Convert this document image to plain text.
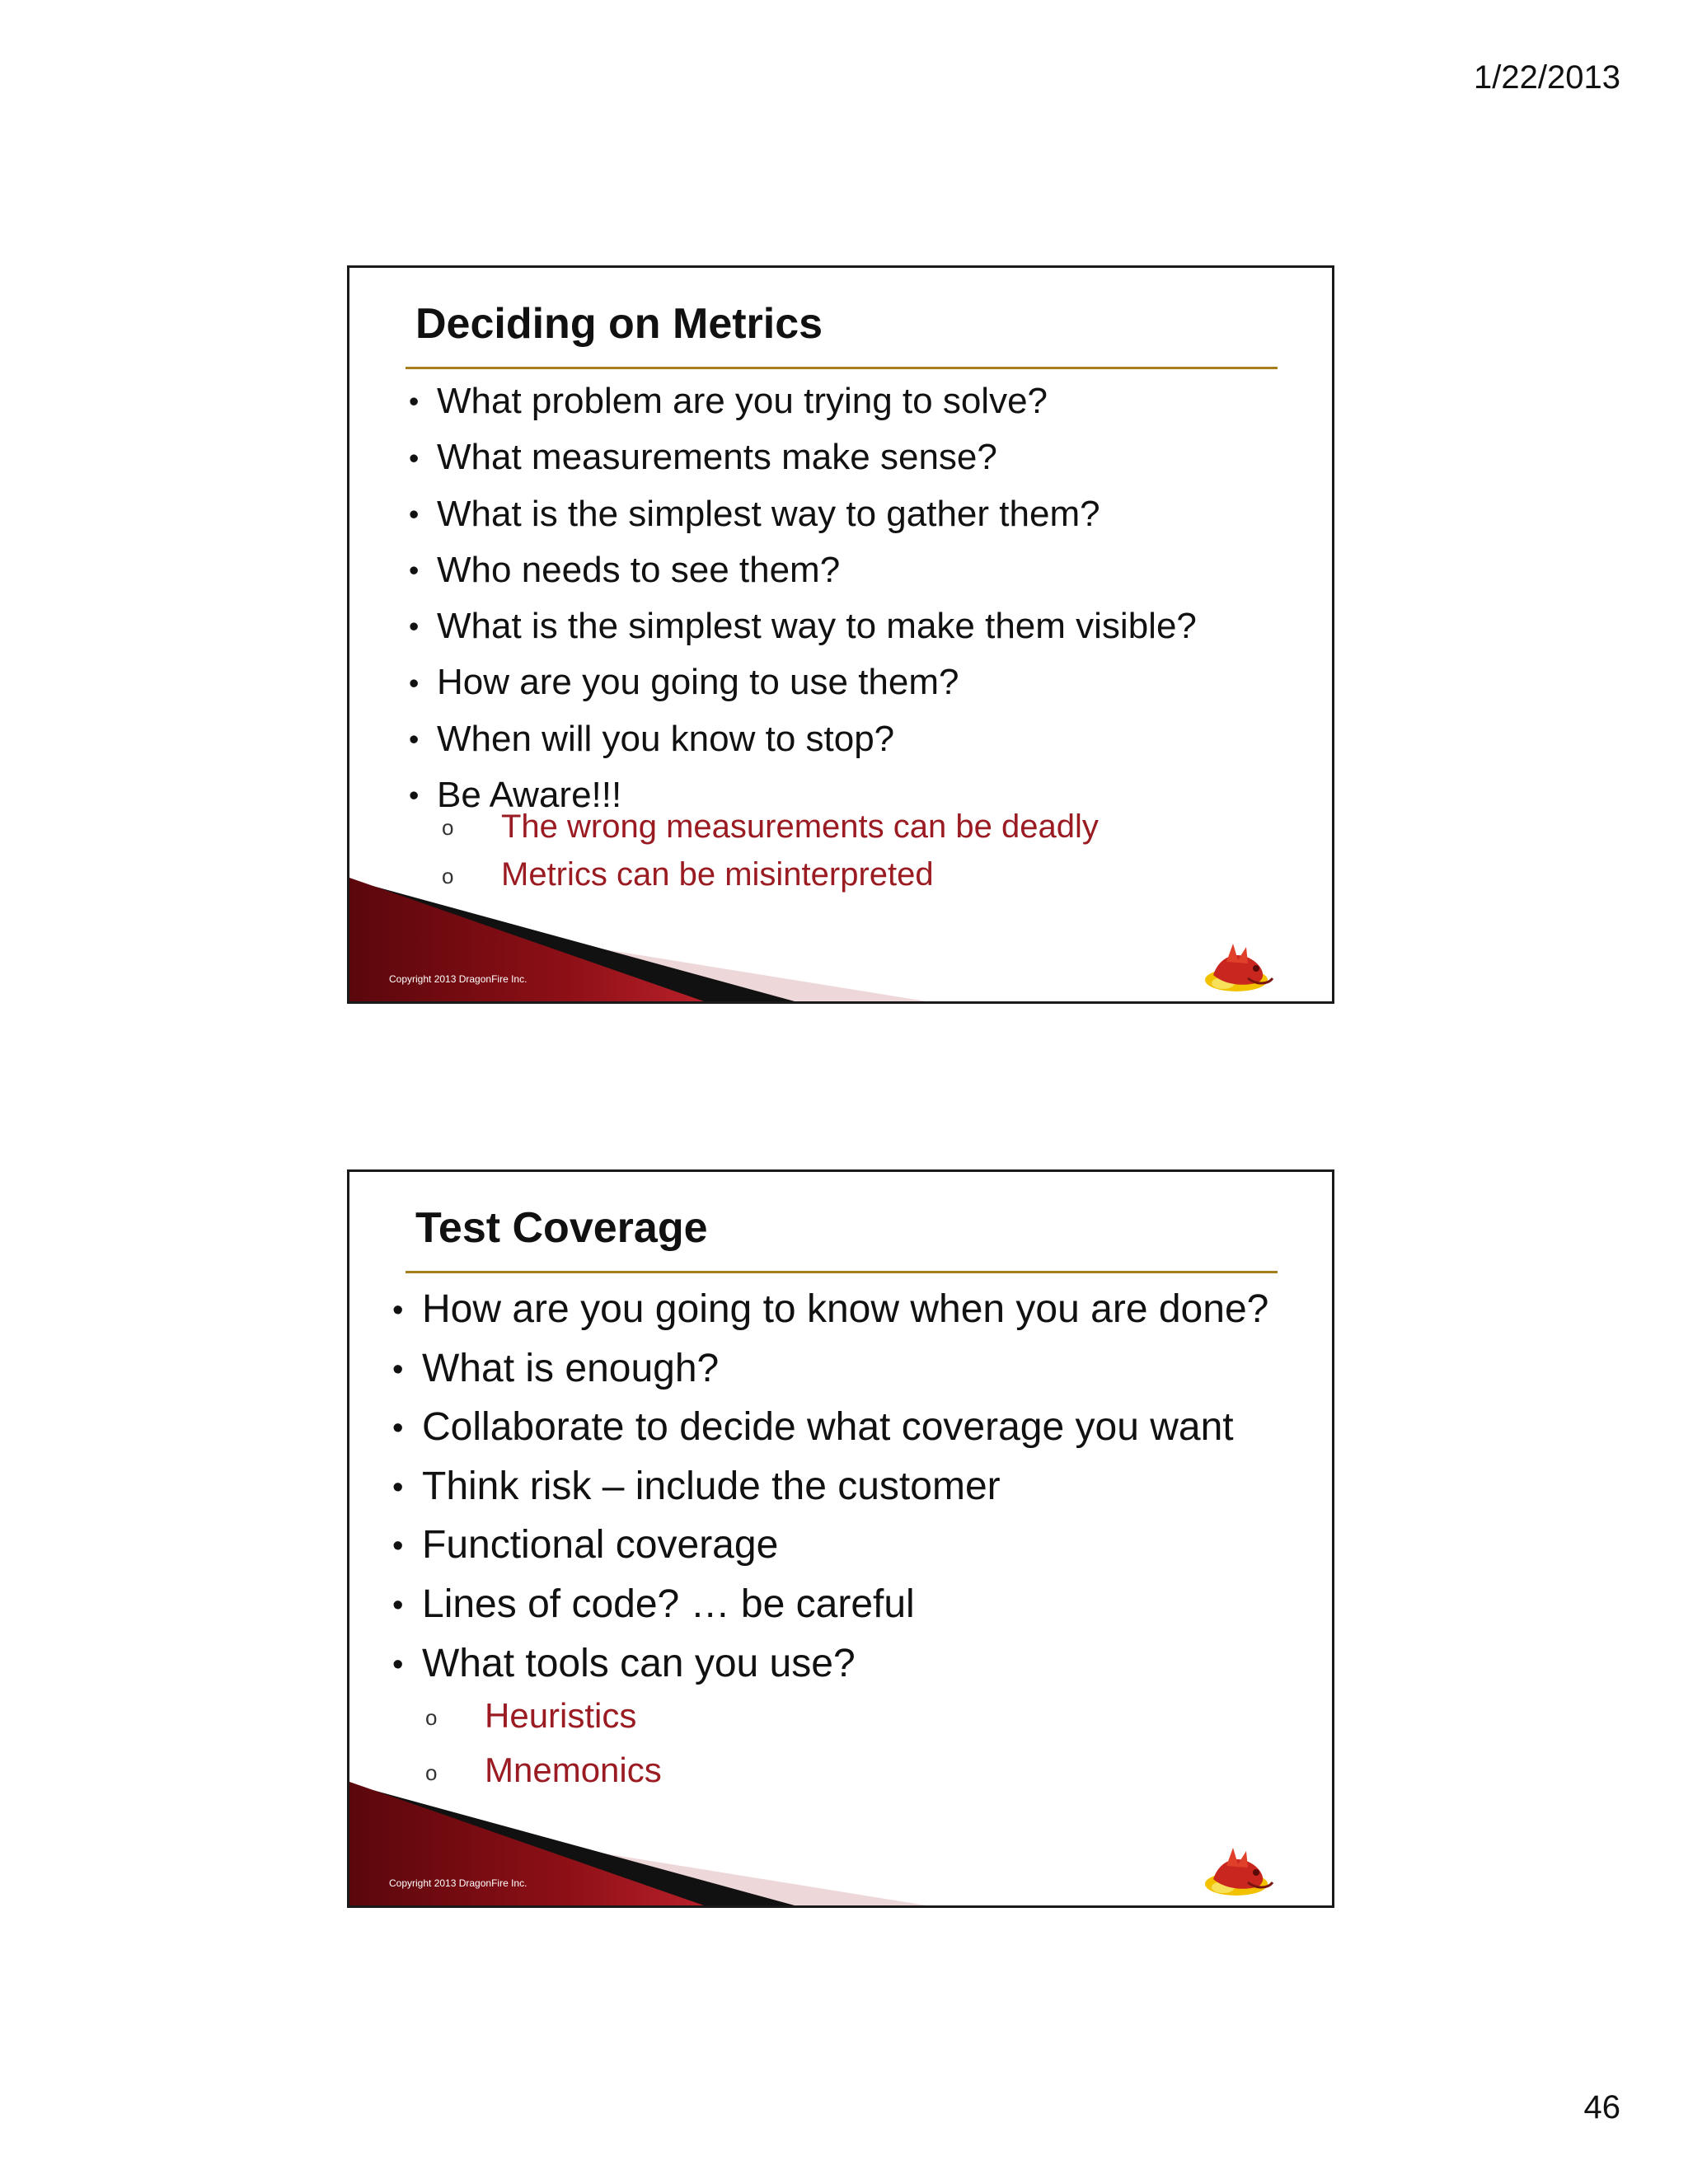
1/22/2013
Deciding on Metrics
• What problem are you trying to solve?
• What measurements make sense?
• What is the simplest way to gather them?
• Who needs to see them?
• What is the simplest way to make them visible?
• How are you going to use them?
• When will you know to stop?
• Be Aware!!!
o The wrong measurements can be deadly
o Metrics can be misinterpreted
Copyright 2013 DragonFire Inc.
Test Coverage
• How are you going to know when you are done?
• What is enough?
• Collaborate to decide what coverage you want
• Think risk – include the customer
• Functional coverage
• Lines of code? … be careful
• What tools can you use?
o Heuristics
o Mnemonics
Copyright 2013 DragonFire Inc.
46
